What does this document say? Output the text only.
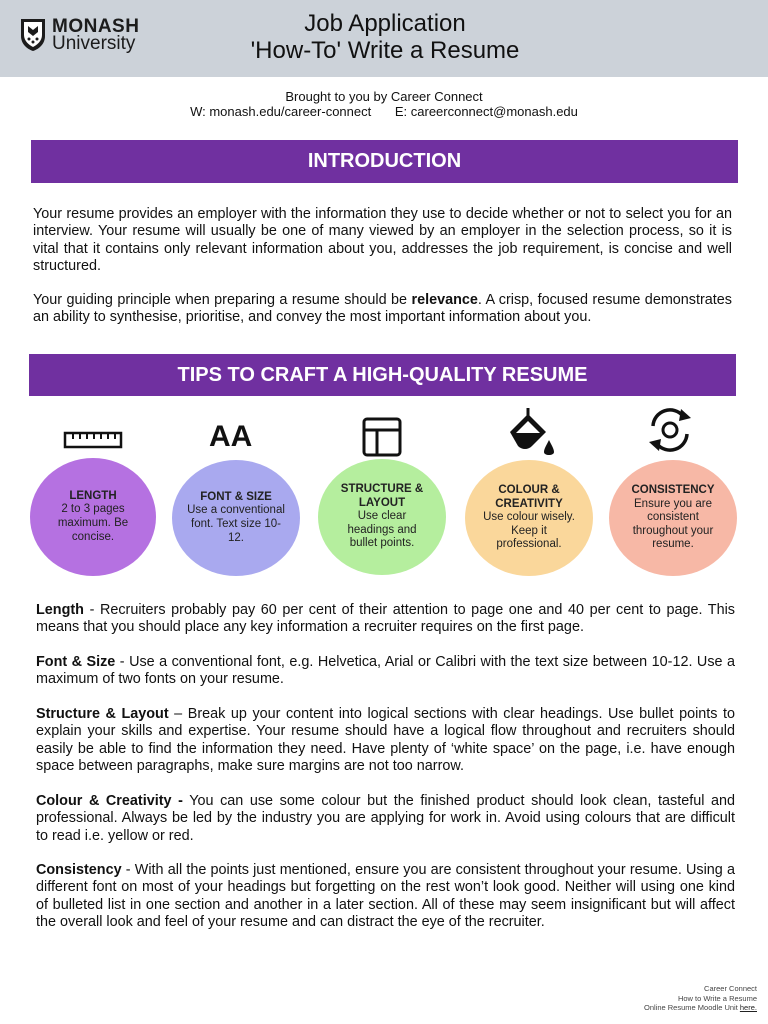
MONASH
University
Job Application
'How-To' Write a Resume
Brought to you by Career Connect
W: monash.edu/career-connect E: careerconnect@monash.edu
INTRODUCTION

Your resume provides an employer with the information they use to decide whether or not to select you for an interview. Your resume will usually be one of many viewed by an employer in the selection process, so it is vital that it contains only relevant information about you, addresses the job requirement, is concise and well structured.

Your guiding principle when preparing a resume should be relevance. A crisp, focused resume demonstrates an ability to synthesise, prioritise, and convey the most important information about you.

TIPS TO CRAFT A HIGH-QUALITY RESUME
AA
LENGTH
2 to 3 pages maximum. Be concise.
FONT & SIZE
Use a conventional font. Text size 10-12.
STRUCTURE & LAYOUT
Use clear headings and bullet points.
COLOUR & CREATIVITY
Use colour wisely. Keep it professional.
CONSISTENCY
Ensure you are consistent throughout your resume.

Length - Recruiters probably pay 60 per cent of their attention to page one and 40 per cent to page. This means that you should place any key information a recruiter requires on the first page.

Font & Size - Use a conventional font, e.g. Helvetica, Arial or Calibri with the text size between 10-12. Use a maximum of two fonts on your resume.

Structure & Layout – Break up your content into logical sections with clear headings. Use bullet points to explain your skills and expertise. Your resume should have a logical flow throughout and recruiters should easily be able to find the information they need. Have plenty of ‘white space’ on the page, i.e. have enough space between paragraphs, make sure margins are not too narrow.

Colour & Creativity - You can use some colour but the finished product should look clean, tasteful and professional. Always be led by the industry you are applying for work in. Avoid using colours that are difficult to read i.e. yellow or red.

Consistency - With all the points just mentioned, ensure you are consistent throughout your resume. Using a different font on most of your headings but forgetting on the rest won’t look good. Neither will using one kind of bulleted list in one section and another in a later section. All of these may seem insignificant but will affect the overall look and feel of your resume and can distract the eye of the recruiter.

Career Connect
How to Write a Resume
Online Resume Moodle Unit here.
